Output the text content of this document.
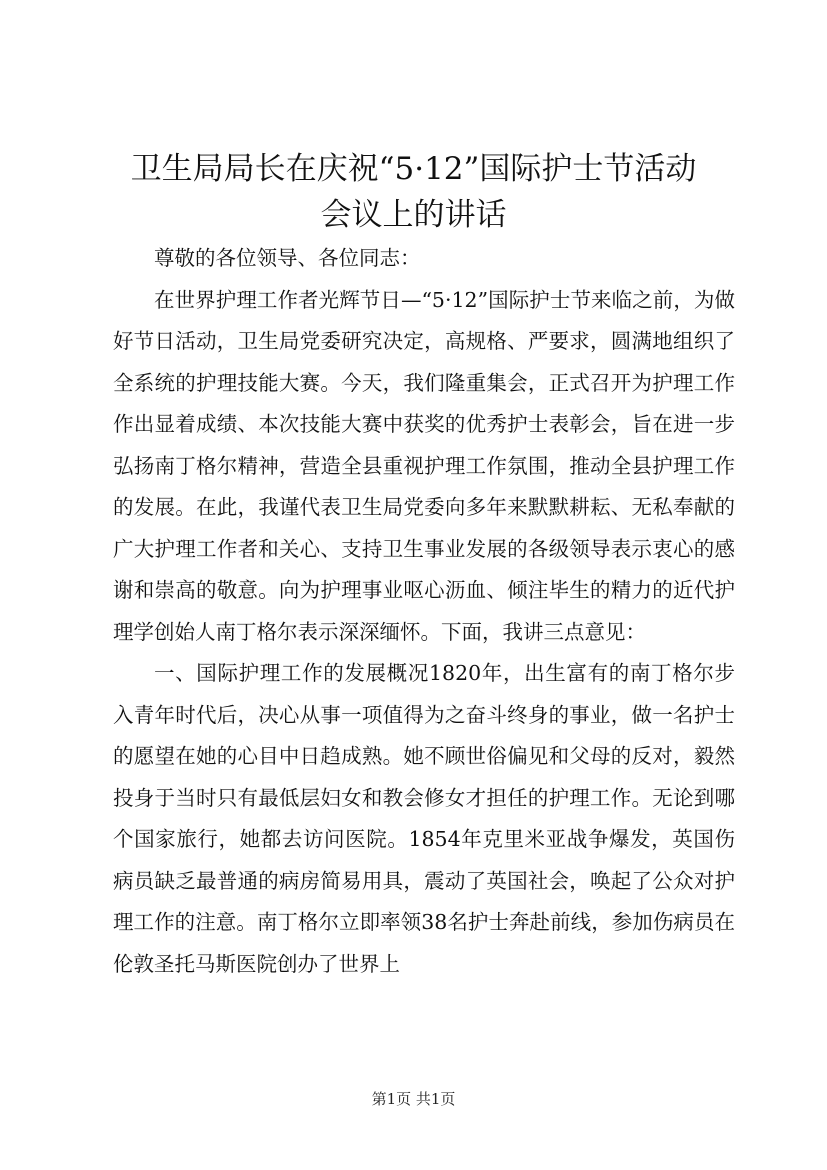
卫生局局长在庆祝“5·12”国际护士节活动
会议上的讲话

尊敬的各位领导、各位同志：

在世界护理工作者光辉节日—“5·12”国际护士节来临之前，为做好节日活动，卫生局党委研究决定，高规格、严要求，圆满地组织了全系统的护理技能大赛。今天，我们隆重集会，正式召开为护理工作作出显着成绩、本次技能大赛中获奖的优秀护士表彰会，旨在进一步弘扬南丁格尔精神，营造全县重视护理工作氛围，推动全县护理工作的发展。在此，我谨代表卫生局党委向多年来默默耕耘、无私奉献的广大护理工作者和关心、支持卫生事业发展的各级领导表示衷心的感谢和崇高的敬意。向为护理事业呕心沥血、倾注毕生的精力的近代护理学创始人南丁格尔表示深深缅怀。下面，我讲三点意见：

一、国际护理工作的发展概况1820年，出生富有的南丁格尔步入青年时代后，决心从事一项值得为之奋斗终身的事业，做一名护士的愿望在她的心目中日趋成熟。她不顾世俗偏见和父母的反对，毅然投身于当时只有最低层妇女和教会修女才担任的护理工作。无论到哪个国家旅行，她都去访问医院。1854年克里米亚战争爆发，英国伤病员缺乏最普通的病房简易用具，震动了英国社会，唤起了公众对护理工作的注意。南丁格尔立即率领38名护士奔赴前线，参加伤病员在伦敦圣托马斯医院创办了世界上

第1页 共1页
